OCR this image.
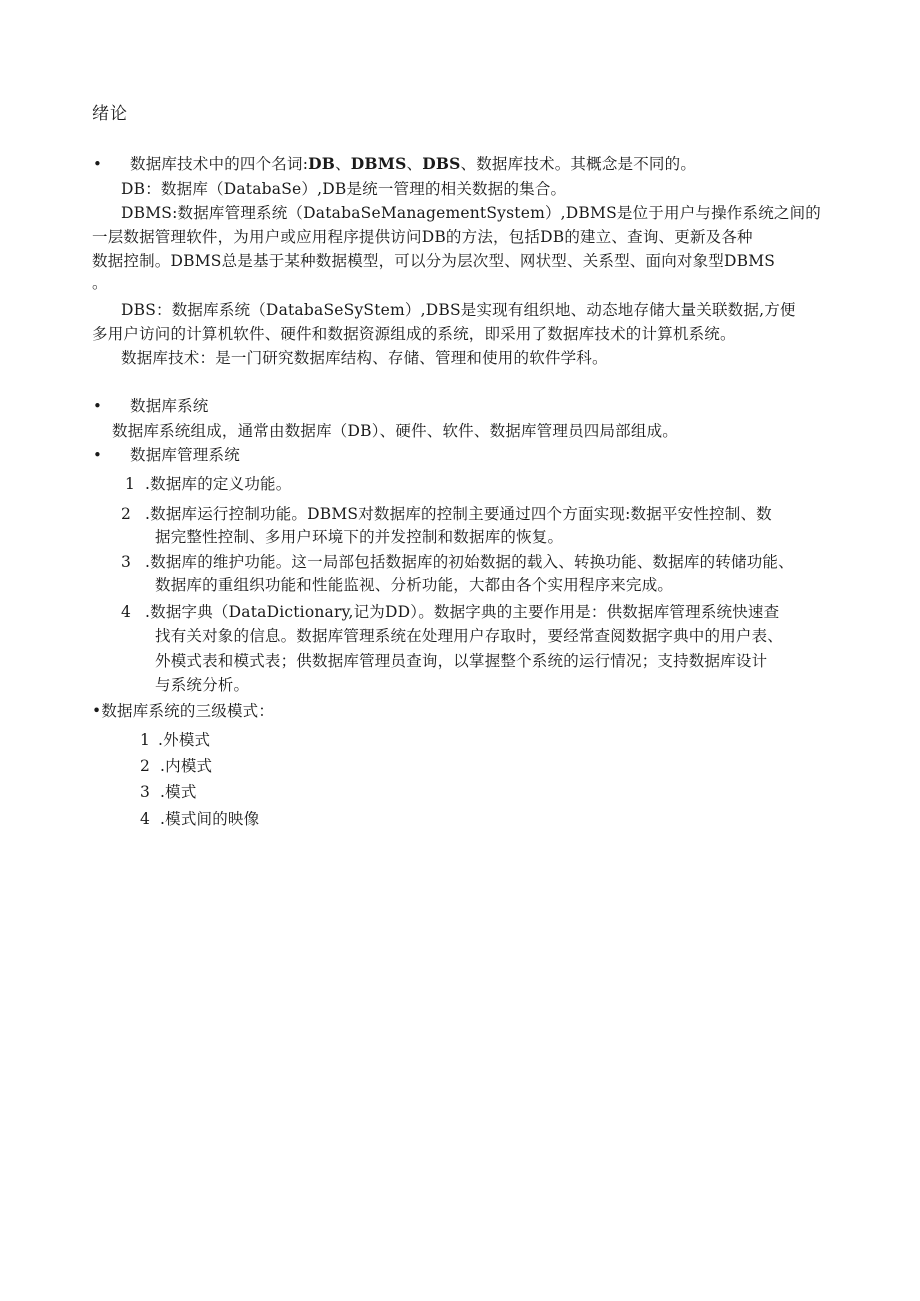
绪论
• 数据库技术中的四个名词:DB、DBMS、DBS、数据库技术。其概念是不同的。
DB：数据库（DatabaSe）,DB是统一管理的相关数据的集合。
DBMS:数据库管理系统（DatabaSeManagementSystem）,DBMS是位于用户与操作系统之间的
一层数据管理软件，为用户或应用程序提供访问DB的方法，包括DB的建立、查询、更新及各种
数据控制。DBMS总是基于某种数据模型，可以分为层次型、网状型、关系型、面向对象型DBMS
。
DBS：数据库系统（DatabaSeSyStem）,DBS是实现有组织地、动态地存储大量关联数据,方便
多用户访问的计算机软件、硬件和数据资源组成的系统，即采用了数据库技术的计算机系统。
数据库技术：是一门研究数据库结构、存储、管理和使用的软件学科。
• 数据库系统
数据库系统组成，通常由数据库（DB）、硬件、软件、数据库管理员四局部组成。
• 数据库管理系统
1 .数据库的定义功能。
2 .数据库运行控制功能。DBMS对数据库的控制主要通过四个方面实现:数据平安性控制、数
据完整性控制、多用户环境下的并发控制和数据库的恢复。
3 .数据库的维护功能。这一局部包括数据库的初始数据的载入、转换功能、数据库的转储功能、
数据库的重组织功能和性能监视、分析功能，大都由各个实用程序来完成。
4 .数据字典（DataDictionary,记为DD）。数据字典的主要作用是：供数据库管理系统快速查
找有关对象的信息。数据库管理系统在处理用户存取时，要经常查阅数据字典中的用户表、
外模式表和模式表；供数据库管理员查询，以掌握整个系统的运行情况；支持数据库设计
与系统分析。
•数据库系统的三级模式：
1 .外模式
2 .内模式
3 .模式
4 .模式间的映像
